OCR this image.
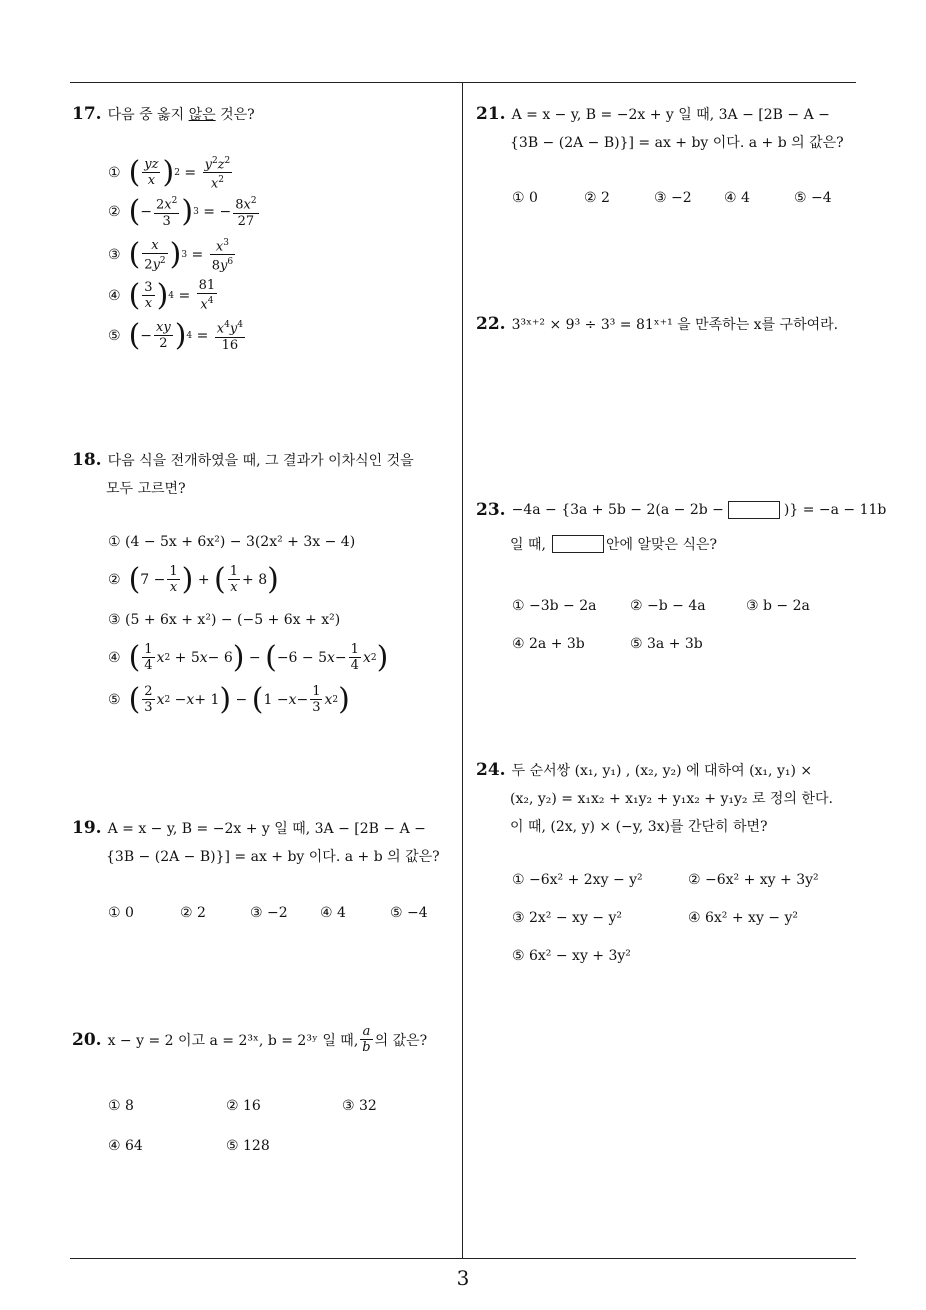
3
17. 다음 중 옳지 않은 것은?
① ( $\frac{yz}{x}$ ) $2 = \frac{y^2z^2}{x^2}$
② ( − $\frac{2x^2}{3}$ ) 3 = − $\frac{8x^2}{27}$
③ ( $\frac{x}{2y^2}$ ) $3 = \frac{x^3}{8y^6}$
④ ( $\frac{3}{x}$ ) $4 = \frac{81}{x^4}$
⑤ ( − $\frac{xy}{2}$ ) $4 = \frac{x^4y^4}{16}$
18. 다음 식을 전개하였을 때, 그 결과가 이차식인 것을
모두 고르면?
① (4 − 5x + 6x²) − 3(2x² + 3x − 4)
② ( $7 - \frac{1}{x}$ ) + ( $\frac{1}{x} + 8$ )
③ (5 + 6x + x²) − (−5 + 6x + x²)
④ ( $\frac{1}{4}$ x 2 + 5 x − 6 ) − ( −6 − 5 $x - \frac{1}{4}$ x 2 )
⑤ ( $\frac{2}{3}$ x 2 − x + 1 ) − ( $1 - x - \frac{1}{3}$ x 2 )
19. A = x − y, B = −2x + y 일 때, 3A − [2B − A −
{3B − (2A − B)}] = ax + by 이다. a + b 의 값은?
① 0	② 2	③ −2 ④ 4	⑤ −4
20. x − y = 2 이고 a = 2³ˣ, b = 2³ʸ 일 때, $\frac{a}{b}$ 의 값은?
① 8	② 16	③ 32
④ 64	⑤ 128
21. A = x − y, B = −2x + y 일 때, 3A − [2B − A −
{3B − (2A − B)}] = ax + by 이다. a + b 의 값은?
① 0	② 2	③ −2 ④ 4	⑤ −4
22. 3³ˣ⁺² × 9³ ÷ 3³ = 81ˣ⁺¹ 을 만족하는 x를 구하여라.
23. −4a − {3a + 5b − 2(a − 2b −	)} = −a − 11b
일 때,	안에 알맞은 식은?
① −3b − 2a ② −b − 4a	③ b − 2a
④ 2a + 3b	⑤ 3a + 3b
24. 두 순서쌍 (x₁, y₁) , (x₂, y₂) 에 대하여 (x₁, y₁) ×
(x₂, y₂) = x₁x₂ + x₁y₂ + y₁x₂ + y₁y₂ 로 정의 한다.
이 때, (2x, y) × (−y, 3x)를 간단히 하면?
① −6x² + 2xy − y²	② −6x² + xy + 3y²
③ 2x² − xy − y²	④ 6x² + xy − y²
⑤ 6x² − xy + 3y²
